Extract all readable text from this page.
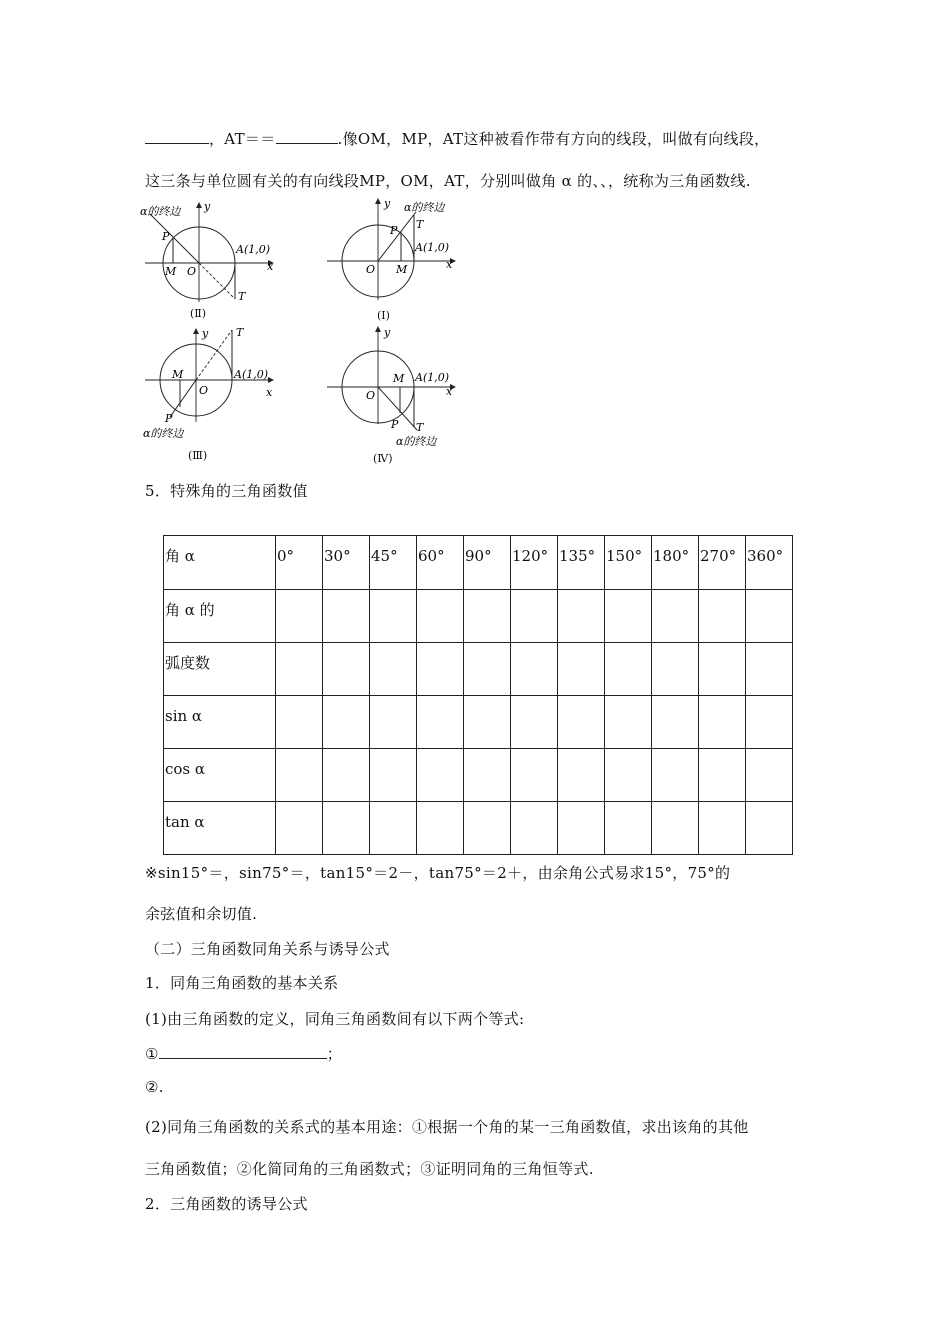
，AT＝＝	.像OM，MP，AT这种被看作带有方向的线段，叫做有向线段，
这三条与单位圆有关的有向线段MP，OM，AT，分别叫做角 α 的、、，统称为三角函数线.
α的终边
P
M O
A(1,0)
T
x
y
(Ⅱ)
α的终边
P T
A(1,0)
O M	x
y
(Ⅰ)
T
y
M	A(1,0)
O	x
P
α的终边
(Ⅲ)
M A(1,0)
O	x
y
P T
α的终边
(Ⅳ)
5．特殊角的三角函数值
角 α	0°	30°	45°	60°	90°	120°	135°	150°	180°	270°	360°
角 α 的											
弧度数											
sin α											
cos α											
tan α											
※sin15°＝，sin75°＝，tan15°＝2－，tan75°＝2＋，由余角公式易求15°，75°的
余弦值和余切值.
（二）三角函数同角关系与诱导公式
1．同角三角函数的基本关系
(1)由三角函数的定义，同角三角函数间有以下两个等式:
①	；
②.
(2)同角三角函数的关系式的基本用途：①根据一个角的某一三角函数值，求出该角的其他
三角函数值；②化简同角的三角函数式；③证明同角的三角恒等式.
2．三角函数的诱导公式
